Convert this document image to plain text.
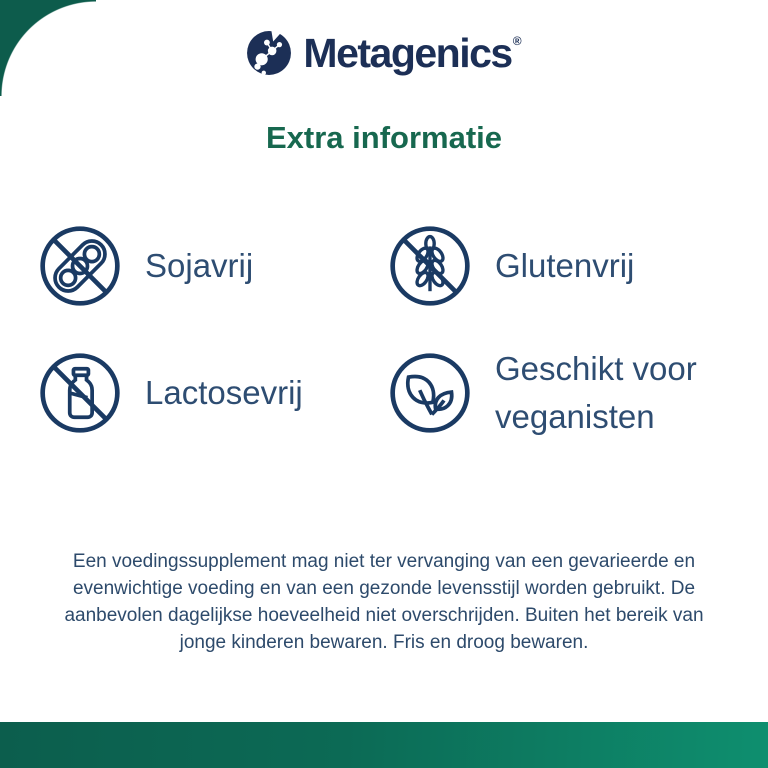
Metagenics®
Extra informatie
Sojavrij	Glutenvrij
Lactosevrij
Geschikt voor veganisten
Een voedingssupplement mag niet ter vervanging van een gevarieerde en
evenwichtige voeding en van een gezonde levensstijl worden gebruikt. De
aanbevolen dagelijkse hoeveelheid niet overschrijden. Buiten het bereik van
jonge kinderen bewaren. Fris en droog bewaren.
